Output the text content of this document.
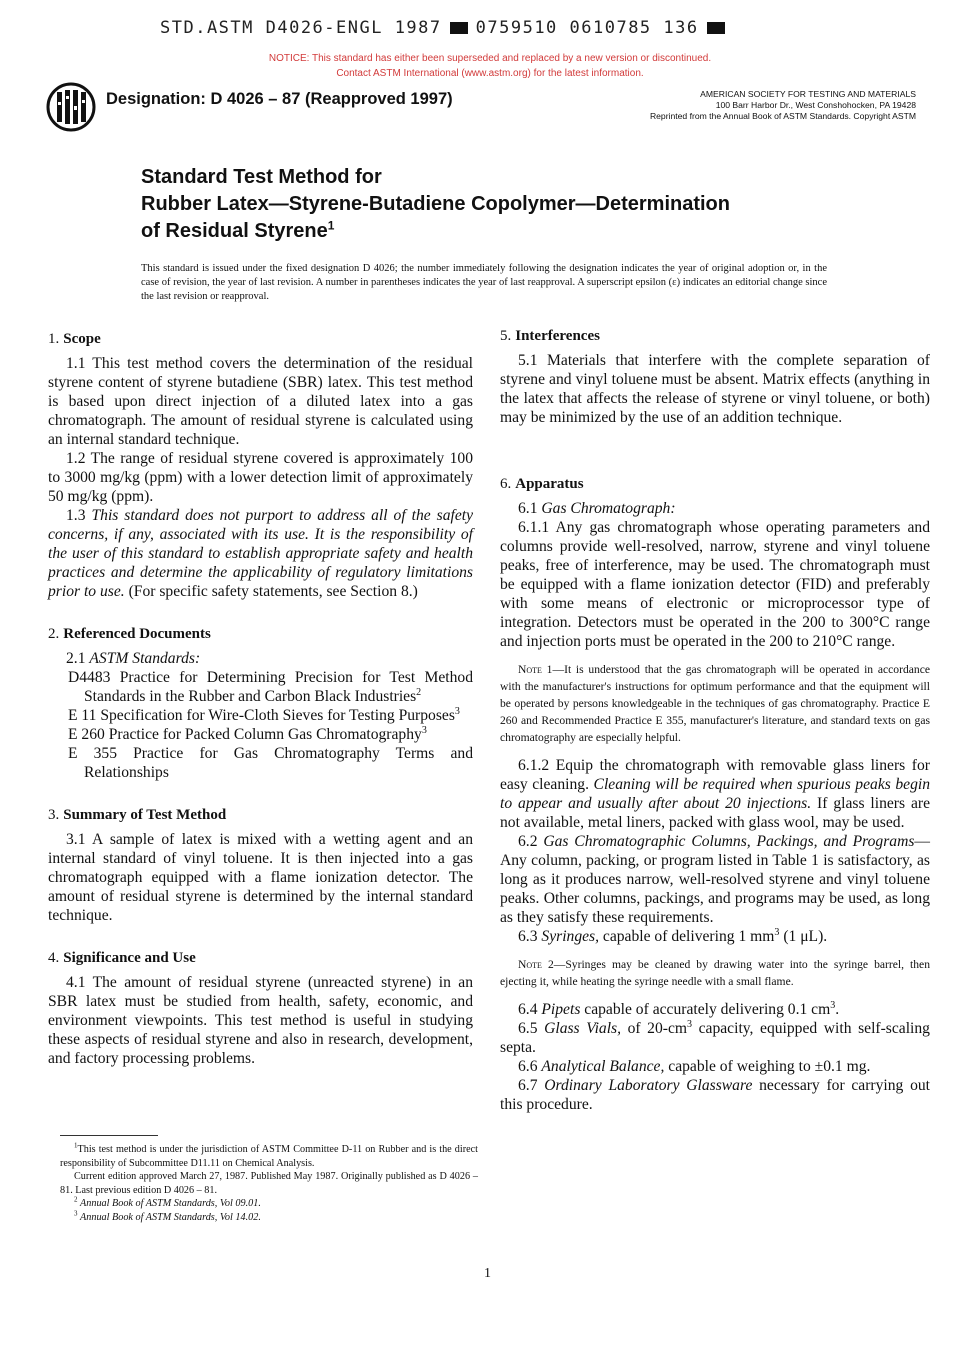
STD.ASTM D4026-ENGL 1987 0759510 0610785 136
NOTICE: This standard has either been superseded and replaced by a new version or discontinued.
Contact ASTM International (www.astm.org) for the latest information.
Designation: D 4026 – 87 (Reapproved 1997)	AMERICAN SOCIETY FOR TESTING AND MATERIALS
100 Barr Harbor Dr., West Conshohocken, PA 19428
Reprinted from the Annual Book of ASTM Standards. Copyright ASTM
Standard Test Method for
Rubber Latex—Styrene-Butadiene Copolymer—Determination
of Residual Styrene$^1$
This standard is issued under the fixed designation D 4026; the number immediately following the designation indicates the year of original adoption or, in the case of revision, the year of last revision. A number in parentheses indicates the year of last reapproval. A superscript epsilon (ε) indicates an editorial change since the last revision or reapproval.
1. Scope

1.1 This test method covers the determination of the residual styrene content of styrene butadiene (SBR) latex. This test method is based upon direct injection of a diluted latex into a gas chromatograph. The amount of residual styrene is calculated using an internal standard technique.

1.2 The range of residual styrene covered is approximately 100 to 3000 mg/kg (ppm) with a lower detection limit of approximately 50 mg/kg (ppm).

1.3 This standard does not purport to address all of the safety concerns, if any, associated with its use. It is the responsibility of the user of this standard to establish appropriate safety and health practices and determine the applicability of regulatory limitations prior to use. (For specific safety statements, see Section 8.)

2. Referenced Documents

2.1 ASTM Standards:

D4483 Practice for Determining Precision for Test Method Standards in the Rubber and Carbon Black Industries$^2$
E 11 Specification for Wire-Cloth Sieves for Testing Purposes$^3$
E 260 Practice for Packed Column Gas Chromatography$^3$
E 355 Practice for Gas Chromatography Terms and Relationships
3. Summary of Test Method

3.1 A sample of latex is mixed with a wetting agent and an internal standard of vinyl toluene. It is then injected into a gas chromatograph equipped with a flame ionization detector. The amount of residual styrene is determined by the internal standard technique.

4. Significance and Use

4.1 The amount of residual styrene (unreacted styrene) in an SBR latex must be studied from health, safety, economic, and environment viewpoints. This test method is useful in studying these aspects of residual styrene and also in research, development, and factory processing problems.

$^1$This test method is under the jurisdiction of ASTM Committee D-11 on Rubber and is the direct responsibility of Subcommittee D11.11 on Chemical Analysis.

Current edition approved March 27, 1987. Published May 1987. Originally published as D 4026 – 81. Last previous edition D 4026 – 81.

$^2$ Annual Book of ASTM Standards, Vol 09.01.

$^3$ Annual Book of ASTM Standards, Vol 14.02.

5. Interferences

5.1 Materials that interfere with the complete separation of styrene and vinyl toluene must be absent. Matrix effects (anything in the latex that affects the release of styrene or vinyl toluene, or both) may be minimized by the use of an addition technique.

6. Apparatus

6.1 Gas Chromatograph:

6.1.1 Any gas chromatograph whose operating parameters and columns provide well-resolved, narrow, styrene and vinyl toluene peaks, free of interference, may be used. The chromatograph must be equipped with a flame ionization detector (FID) and preferably with some means of electronic or microprocessor type of integration. Detectors must be operated in the 200 to 300°C range and injection ports must be operated in the 200 to 210°C range.

Note 1—It is understood that the gas chromatograph will be operated in accordance with the manufacturer's instructions for optimum performance and that the equipment will be operated by persons knowledgeable in the techniques of gas chromatography. Practice E 260 and Recommended Practice E 355, manufacturer's literature, and standard texts on gas chromatography are especially helpful.

6.1.2 Equip the chromatograph with removable glass liners for easy cleaning. Cleaning will be required when spurious peaks begin to appear and usually after about 20 injections. If glass liners are not available, metal liners, packed with glass wool, may be used.

6.2 Gas Chromatographic Columns, Packings, and Programs—Any column, packing, or program listed in Table 1 is satisfactory, as long as it produces narrow, well-resolved styrene and vinyl toluene peaks. Other columns, packings, and programs may be used, as long as they satisfy these requirements.

6.3 Syringes, capable of delivering 1 $mm^3$ (1 μL).

Note 2—Syringes may be cleaned by drawing water into the syringe barrel, then ejecting it, while heating the syringe needle with a small flame.

6.4 Pipets capable of accurately delivering 0.1 $cm^3$.

6.5 Glass Vials, of $20-cm^3$ capacity, equipped with self-scaling septa.

6.6 Analytical Balance, capable of weighing to ±0.1 mg.

6.7 Ordinary Laboratory Glassware necessary for carrying out this procedure.

1
